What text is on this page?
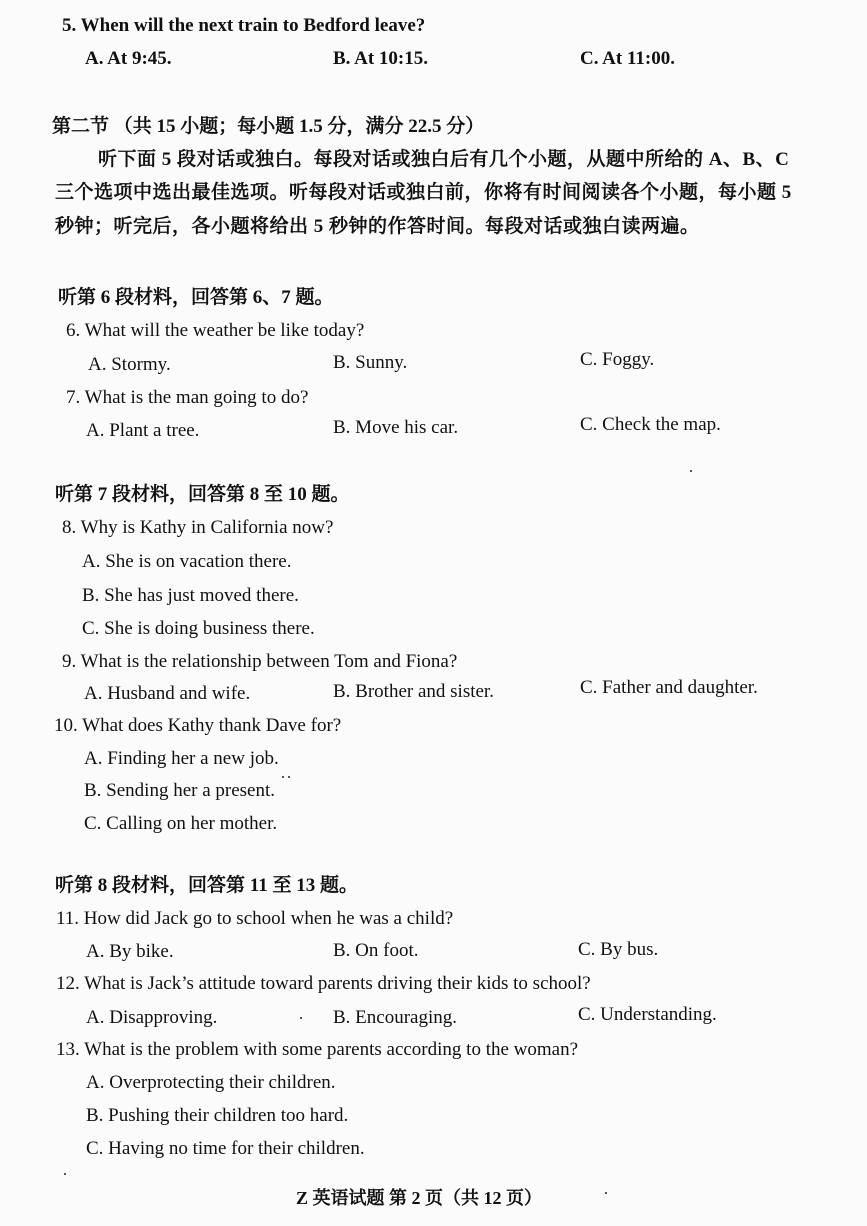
5. When will the next train to Bedford leave?
A. At 9:45.	B. At 10:15.	C. At 11:00.
第二节 （共 15 小题；每小题 1.5 分，满分 22.5 分）
听下面 5 段对话或独白。每段对话或独白后有几个小题，从题中所给的 A、B、C
三个选项中选出最佳选项。听每段对话或独白前，你将有时间阅读各个小题，每小题 5
秒钟；听完后，各小题将给出 5 秒钟的作答时间。每段对话或独白读两遍。
听第 6 段材料，回答第 6、7 题。
6. What will the weather be like today?
A. Stormy.	B. Sunny.	C. Foggy.
7. What is the man going to do?
A. Plant a tree.	B. Move his car.	C. Check the map.
听第 7 段材料，回答第 8 至 10 题。
8. Why is Kathy in California now?
A. She is on vacation there.
B. She has just moved there.
C. She is doing business there.
9. What is the relationship between Tom and Fiona?
A. Husband and wife.	B. Brother and sister.	C. Father and daughter.
10. What does Kathy thank Dave for?
A. Finding her a new job.
B. Sending her a present.
C. Calling on her mother.
听第 8 段材料，回答第 11 至 13 题。
11. How did Jack go to school when he was a child?
A. By bike.	B. On foot.	C. By bus.
12. What is Jack’s attitude toward parents driving their kids to school?
A. Disapproving.	B. Encouraging.	C. Understanding.
13. What is the problem with some parents according to the woman?
A. Overprotecting their children.
B. Pushing their children too hard.
C. Having no time for their children.
Z 英语试题 第 2 页（共 12 页）
